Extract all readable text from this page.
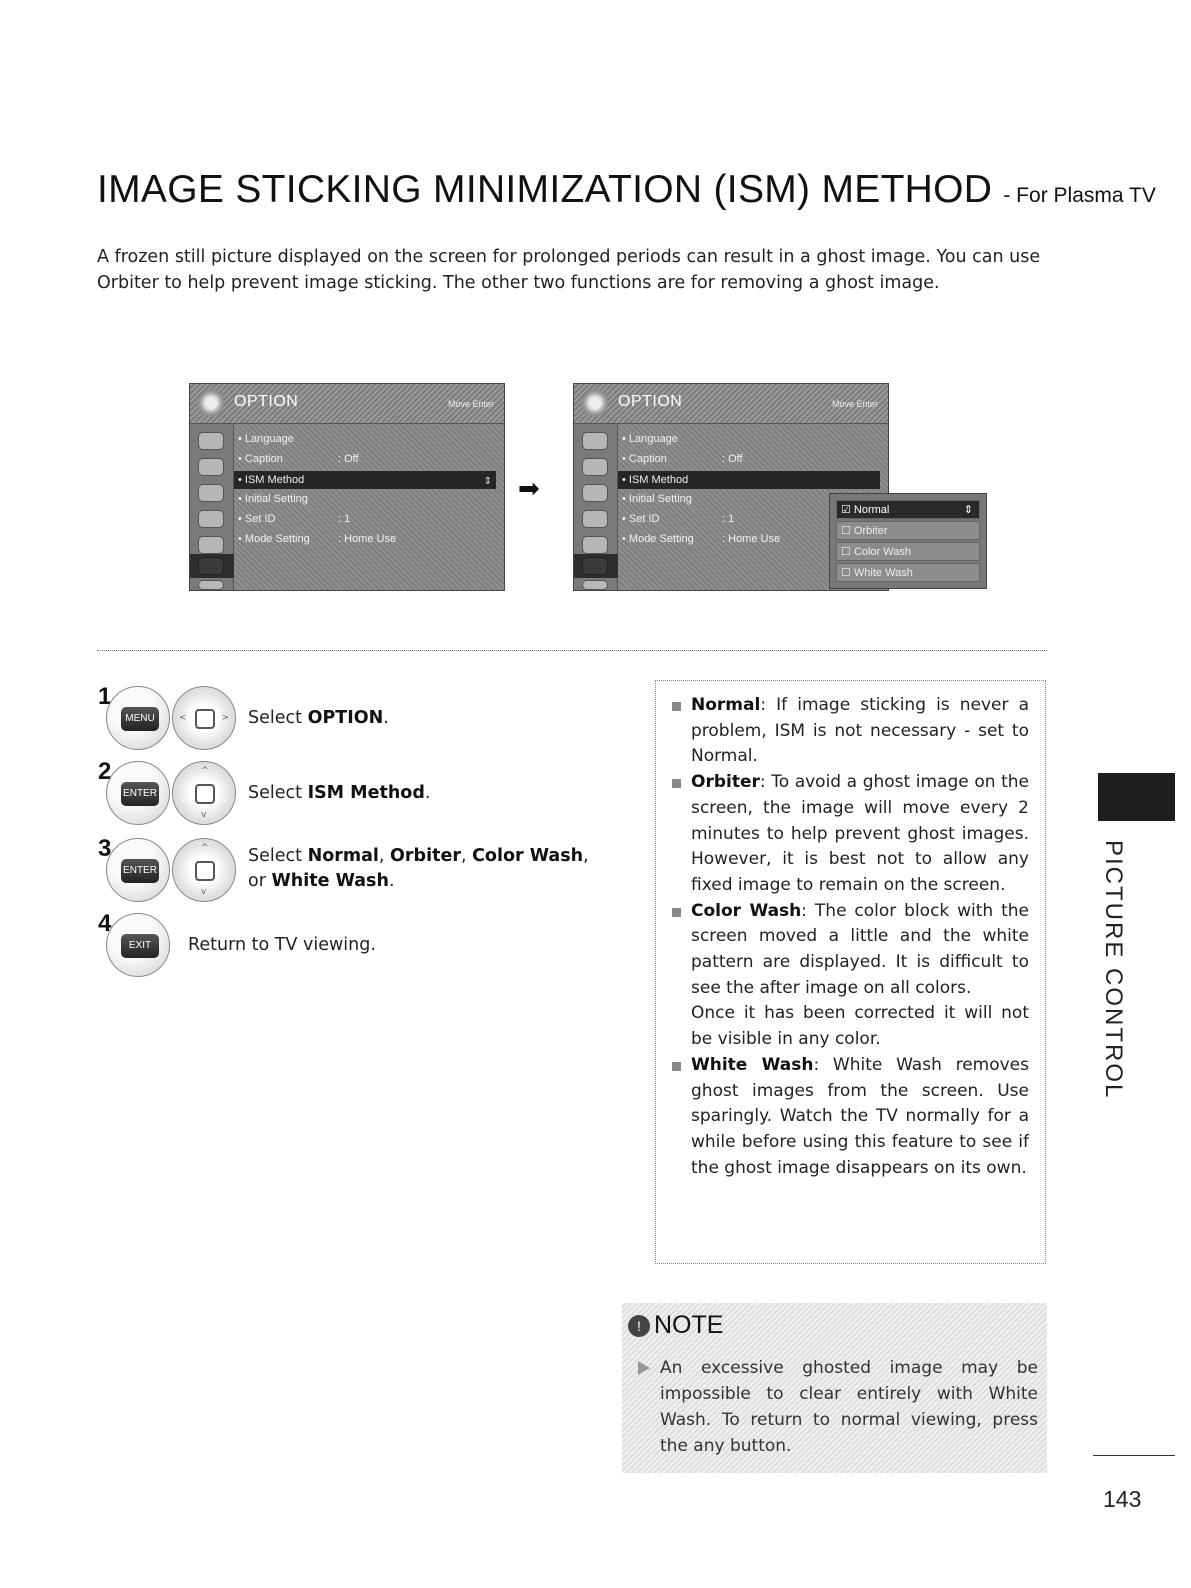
IMAGE STICKING MINIMIZATION (ISM) METHOD - For Plasma TV

A frozen still picture displayed on the screen for prolonged periods can result in a ghost image. You can use Orbiter to help prevent image sticking. The other two functions are for removing a ghost image.

OPTION	Move Enter
• Language
• Caption	: Off
• ISM Method	⇕
• Initial Setting
• Set ID	: 1
• Mode Setting	: Home Use
➡
OPTION	Move Enter
• Language
• Caption	: Off
• ISM Method
• Initial Setting
• Set ID	: 1
• Mode Setting	: Home Use
☑ Normal	⇕
☐ Orbiter
☐ Color Wash
☐ White Wash
1
MENU	<	> Select OPTION.
2
ENTER
^
v
Select ISM Method.
3
ENTER
^
v
Select Normal, Orbiter, Color Wash,
or White Wash.
4
EXIT	Return to TV viewing.

Normal: If image sticking is never a problem, ISM is not necessary - set to Normal.

Orbiter: To avoid a ghost image on the screen, the image will move every 2 minutes to help prevent ghost images. However, it is best not to allow any fixed image to remain on the screen.

Color Wash: The color block with the screen moved a little and the white pattern are displayed. It is difficult to see the after image on all colors.

Once it has been corrected it will not be visible in any color.

White Wash: White Wash removes ghost images from the screen. Use sparingly. Watch the TV normally for a while before using this feature to see if the ghost image disappears on its own.

! NOTE
An excessive ghosted image may be impossible to clear entirely with White Wash. To return to normal viewing, press the any button.
PICTURE CONTROL
143
